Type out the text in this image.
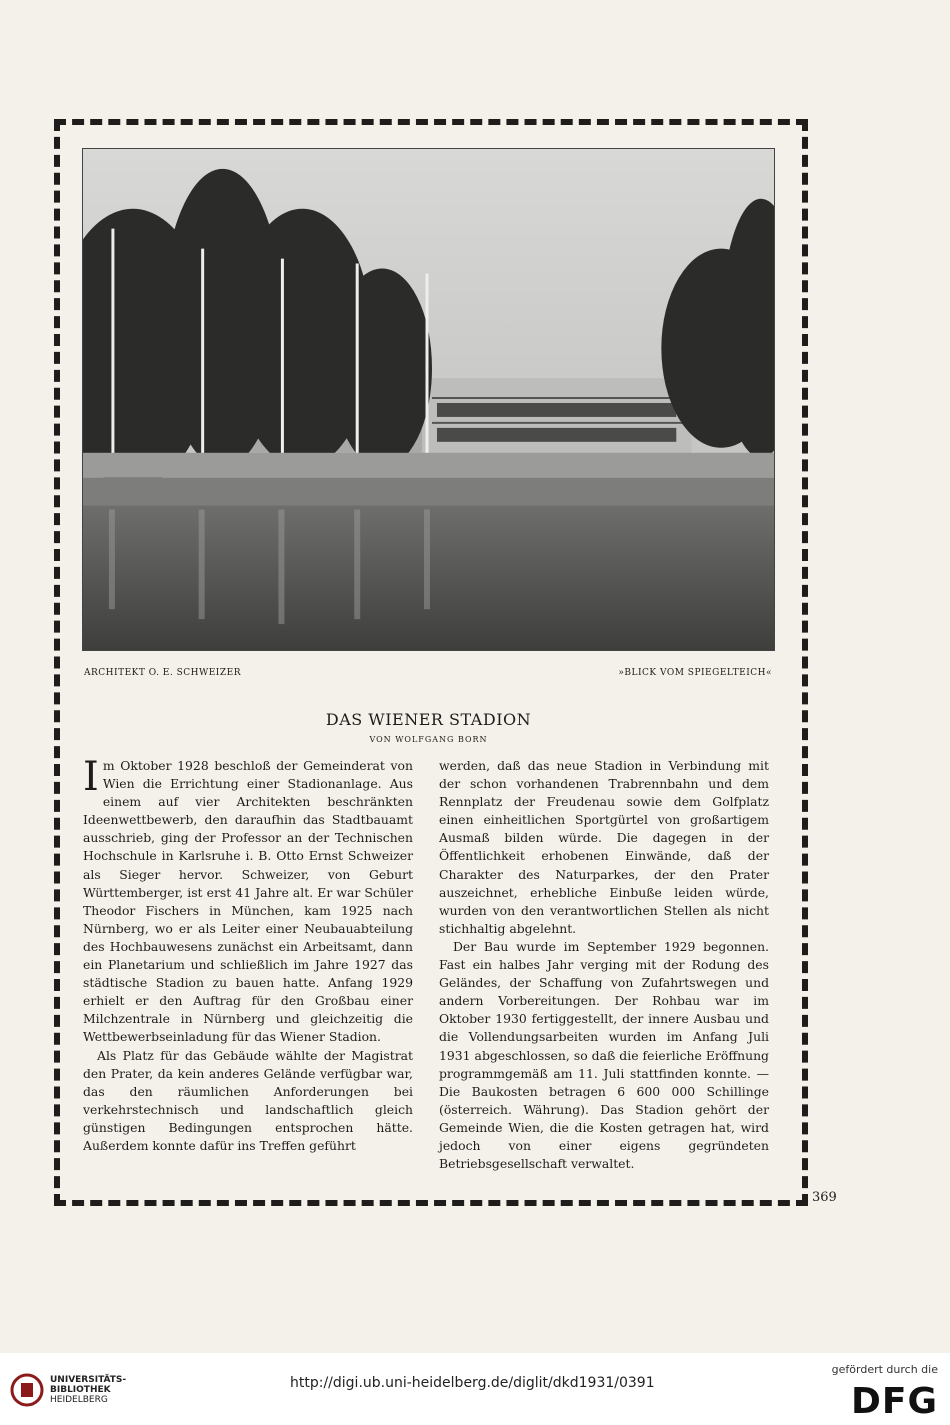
ARCHITEKT O. E. SCHWEIZER	»BLICK VOM SPIEGELTEICH«
DAS WIENER STADION
VON WOLFGANG BORN

Im Oktober 1928 beschloß der Gemeinderat von Wien die Errichtung einer Stadionanlage. Aus einem auf vier Architekten beschränkten Ideenwettbewerb, den daraufhin das Stadtbauamt ausschrieb, ging der Professor an der Technischen Hochschule in Karlsruhe i. B. Otto Ernst Schweizer als Sieger hervor. Schweizer, von Geburt Württemberger, ist erst 41 Jahre alt. Er war Schüler Theodor Fischers in München, kam 1925 nach Nürnberg, wo er als Leiter einer Neubauabteilung des Hochbauwesens zunächst ein Arbeitsamt, dann ein Planetarium und schließlich im Jahre 1927 das städtische Stadion zu bauen hatte. Anfang 1929 erhielt er den Auftrag für den Großbau einer Milchzentrale in Nürnberg und gleichzeitig die Wettbewerbseinladung für das Wiener Stadion.

Als Platz für das Gebäude wählte der Magistrat den Prater, da kein anderes Gelände verfügbar war, das den räumlichen Anforderungen bei verkehrstechnisch und landschaftlich gleich günstigen Bedingungen entsprochen hätte. Außerdem konnte dafür ins Treffen geführt

werden, daß das neue Stadion in Verbindung mit der schon vorhandenen Trabrennbahn und dem Rennplatz der Freudenau sowie dem Golfplatz einen einheitlichen Sportgürtel von großartigem Ausmaß bilden würde. Die dagegen in der Öffentlichkeit erhobenen Einwände, daß der Charakter des Naturparkes, der den Prater auszeichnet, erhebliche Einbuße leiden würde, wurden von den verantwortlichen Stellen als nicht stichhaltig abgelehnt.

Der Bau wurde im September 1929 begonnen. Fast ein halbes Jahr verging mit der Rodung des Geländes, der Schaffung von Zufahrtswegen und andern Vorbereitungen. Der Rohbau war im Oktober 1930 fertiggestellt, der innere Ausbau und die Vollendungsarbeiten wurden im Anfang Juli 1931 abgeschlossen, so daß die feierliche Eröffnung programmgemäß am 11. Juli stattfinden konnte. — Die Baukosten betragen 6 600 000 Schillinge (österreich. Währung). Das Stadion gehört der Gemeinde Wien, die die Kosten getragen hat, wird jedoch von einer eigens gegründeten Betriebsgesellschaft verwaltet.

369
UNIVERSITÄTS-
BIBLIOTHEK
HEIDELBERG
http://digi.ub.uni-heidelberg.de/diglit/dkd1931/0391
gefördert durch die
DFG
